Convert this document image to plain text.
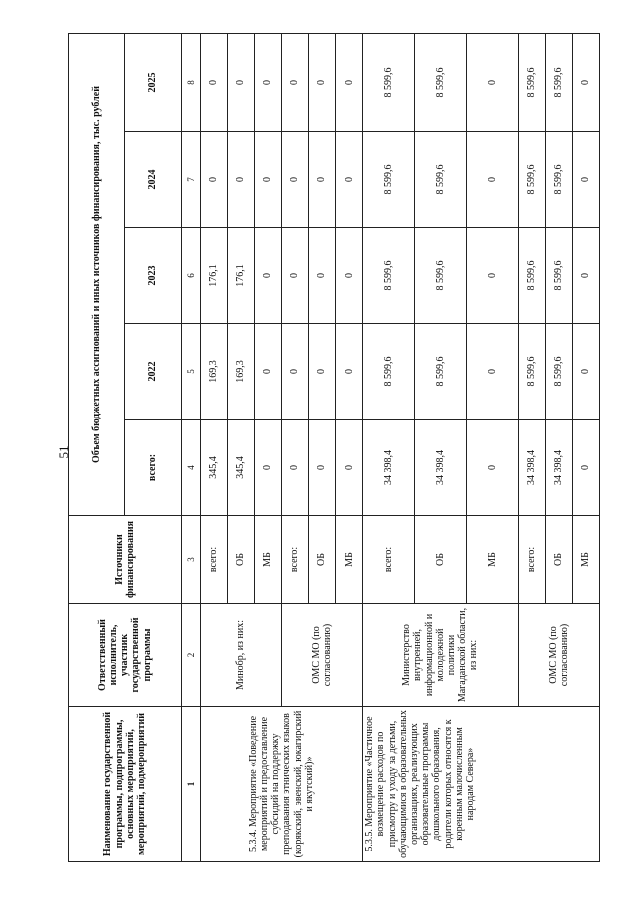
51
Наименование государственной программы, подпрограммы, основных мероприятий, мероприятий, подмероприятий	Ответственный исполнитель, участник государственной программы	Источники финансирования	Объем бюджетных ассигнований и иных источников финансирования, тыс. рублей				
			всего:	2022	2023	2024	2025
1	2	3	4	5	6	7	8
5.3.4. Мероприятие «Поведение мероприятий и предоставление субсидий на поддержку преподавания этнических языков (корякский, эвенский, юкагирский и якутский)»	Минобр, из них:	всего:	345,4	169,3	176,1	0	0
		ОБ	345,4	169,3	176,1	0	0
		МБ	0	0	0	0	0
	ОМС МО (по согласованию)	всего:	0	0	0	0	0
		ОБ	0	0	0	0	0
		МБ	0	0	0	0	0
5.3.5. Мероприятие «Частичное возмещение расходов по присмотру и уходу за детьми, обучающимися в образовательных организациях, реализующих образовательные программы дошкольного образования, родители которых относятся к коренным малочисленным народам Севера»	Министерство внутренней, информационной и молодежной политики Магаданской области, из них:	всего:	34 398,4	8 599,6	8 599,6	8 599,6	8 599,6
		ОБ	34 398,4	8 599,6	8 599,6	8 599,6	8 599,6
		МБ	0	0	0	0	0
	ОМС МО (по согласованию)	всего:	34 398,4	8 599,6	8 599,6	8 599,6	8 599,6
		ОБ	34 398,4	8 599,6	8 599,6	8 599,6	8 599,6
		МБ	0	0	0	0	0
